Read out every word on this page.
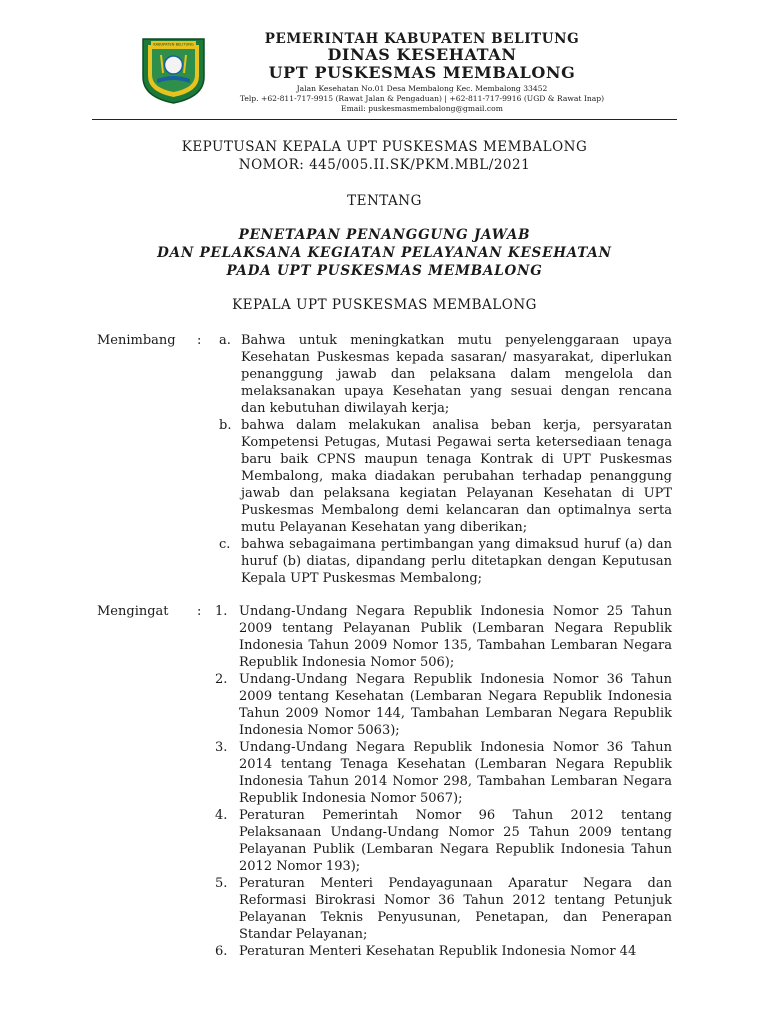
KABUPATEN BELITUNG	PEMERINTAH KABUPATEN BELITUNG
DINAS KESEHATAN
UPT PUSKESMAS MEMBALONG
Jalan Kesehatan No.01 Desa Membalong Kec. Membalong 33452
Telp. +62-811-717-9915 (Rawat Jalan & Pengaduan) | +62-811-717-9916 (UGD & Rawat Inap)
Email: puskesmasmembalong@gmail.com
KEPUTUSAN KEPALA UPT PUSKESMAS MEMBALONG
NOMOR: 445/005.II.SK/PKM.MBL/2021
TENTANG
PENETAPAN PENANGGUNG JAWAB
DAN PELAKSANA KEGIATAN PELAYANAN KESEHATAN
PADA UPT PUSKESMAS MEMBALONG
KEPALA UPT PUSKESMAS MEMBALONG
a. Bahwa untuk meningkatkan mutu penyelenggaraan upaya Kesehatan Puskesmas kepada sasaran/ masyarakat, diperlukan penanggung jawab dan pelaksana dalam mengelola dan melaksanakan upaya Kesehatan yang sesuai dengan rencana dan kebutuhan diwilayah kerja;
b. bahwa dalam melakukan analisa beban kerja, persyaratan Kompetensi Petugas, Mutasi Pegawai serta ketersediaan tenaga baru baik CPNS maupun tenaga Kontrak di UPT Puskesmas Membalong, maka diadakan perubahan terhadap penanggung jawab dan pelaksana kegiatan Pelayanan Kesehatan di UPT Puskesmas Membalong demi kelancaran dan optimalnya serta mutu Pelayanan Kesehatan yang diberikan;
c. bahwa sebagaimana pertimbangan yang dimaksud huruf (a) dan huruf (b) diatas, dipandang perlu ditetapkan dengan Keputusan Kepala UPT Puskesmas Membalong;
Menimbang :
1. Undang-Undang Negara Republik Indonesia Nomor 25 Tahun 2009 tentang Pelayanan Publik (Lembaran Negara Republik Indonesia Tahun 2009 Nomor 135, Tambahan Lembaran Negara Republik Indonesia Nomor 506);
2. Undang-Undang Negara Republik Indonesia Nomor 36 Tahun 2009 tentang Kesehatan (Lembaran Negara Republik Indonesia Tahun 2009 Nomor 144, Tambahan Lembaran Negara Republik Indonesia Nomor 5063);
3. Undang-Undang Negara Republik Indonesia Nomor 36 Tahun 2014 tentang Tenaga Kesehatan (Lembaran Negara Republik Indonesia Tahun 2014 Nomor 298, Tambahan Lembaran Negara Republik Indonesia Nomor 5067);
4. Peraturan Pemerintah Nomor 96 Tahun 2012 tentang Pelaksanaan Undang-Undang Nomor 25 Tahun 2009 tentang Pelayanan Publik (Lembaran Negara Republik Indonesia Tahun 2012 Nomor 193);
5. Peraturan Menteri Pendayagunaan Aparatur Negara dan Reformasi Birokrasi Nomor 36 Tahun 2012 tentang Petunjuk Pelayanan Teknis Penyusunan, Penetapan, dan Penerapan Standar Pelayanan;
6. Peraturan Menteri Kesehatan Republik Indonesia Nomor 44
Mengingat :
